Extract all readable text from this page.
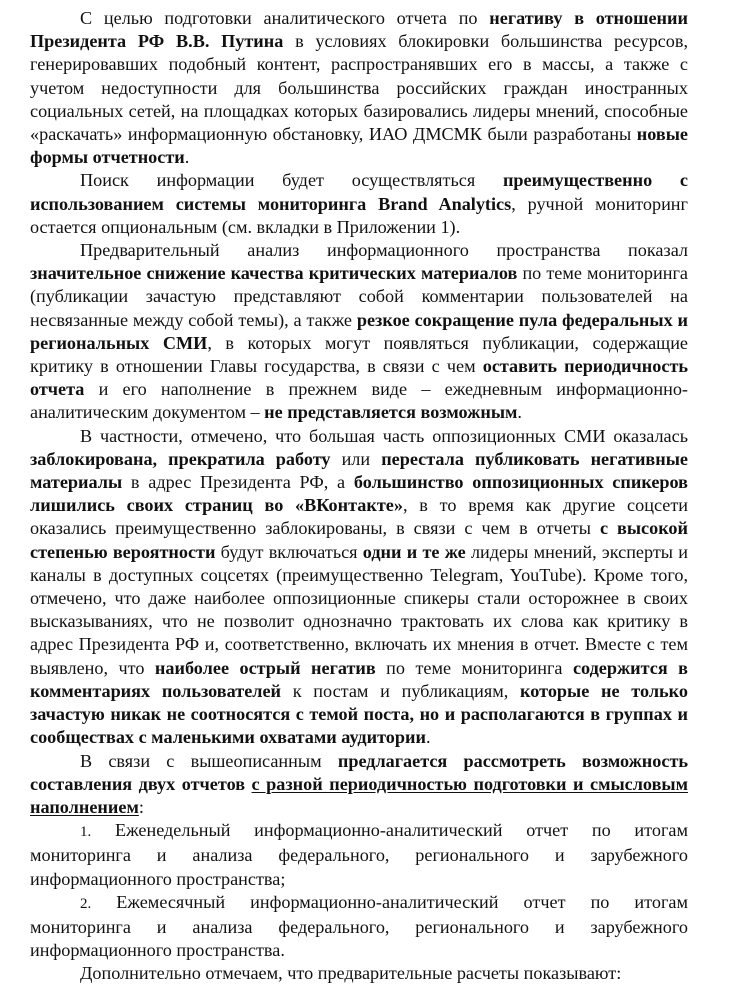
С целью подготовки аналитического отчета по негативу в отношении Президента РФ В.В. Путина в условиях блокировки большинства ресурсов, генерировавших подобный контент, распространявших его в массы, а также с учетом недоступности для большинства российских граждан иностранных социальных сетей, на площадках которых базировались лидеры мнений, способные «раскачать» информационную обстановку, ИАО ДМСМК были разработаны новые формы отчетности.

Поиск информации будет осуществляться преимущественно с использованием системы мониторинга Brand Analytics, ручной мониторинг остается опциональным (см. вкладки в Приложении 1).

Предварительный анализ информационного пространства показал значительное снижение качества критических материалов по теме мониторинга (публикации зачастую представляют собой комментарии пользователей на несвязанные между собой темы), а также резкое сокращение пула федеральных и региональных СМИ, в которых могут появляться публикации, содержащие критику в отношении Главы государства, в связи с чем оставить периодичность отчета и его наполнение в прежнем виде – ежедневным информационно-аналитическим документом – не представляется возможным.

В частности, отмечено, что большая часть оппозиционных СМИ оказалась заблокирована, прекратила работу или перестала публиковать негативные материалы в адрес Президента РФ, а большинство оппозиционных спикеров лишились своих страниц во «ВКонтакте», в то время как другие соцсети оказались преимущественно заблокированы, в связи с чем в отчеты с высокой степенью вероятности будут включаться одни и те же лидеры мнений, эксперты и каналы в доступных соцсетях (преимущественно Telegram, YouTube). Кроме того, отмечено, что даже наиболее оппозиционные спикеры стали осторожнее в своих высказываниях, что не позволит однозначно трактовать их слова как критику в адрес Президента РФ и, соответственно, включать их мнения в отчет. Вместе с тем выявлено, что наиболее острый негатив по теме мониторинга содержится в комментариях пользователей к постам и публикациям, которые не только зачастую никак не соотносятся с темой поста, но и располагаются в группах и сообществах с маленькими охватами аудитории.

В связи с вышеописанным предлагается рассмотреть возможность составления двух отчетов с разной периодичностью подготовки и смысловым наполнением:

1. Еженедельный информационно-аналитический отчет по итогам мониторинга и анализа федерального, регионального и зарубежного информационного пространства;

2. Ежемесячный информационно-аналитический отчет по итогам мониторинга и анализа федерального, регионального и зарубежного информационного пространства.

Дополнительно отмечаем, что предварительные расчеты показывают:
